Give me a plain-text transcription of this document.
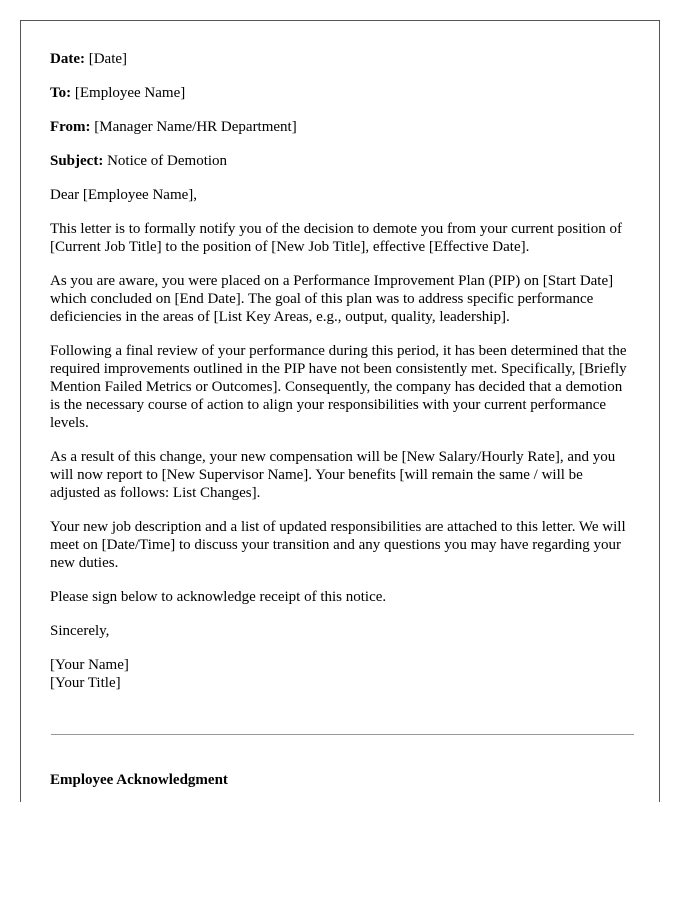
Date: [Date]

To: [Employee Name]

From: [Manager Name/HR Department]

Subject: Notice of Demotion

Dear [Employee Name],

This letter is to formally notify you of the decision to demote you from your current position of [Current Job Title] to the position of [New Job Title], effective [Effective Date].

As you are aware, you were placed on a Performance Improvement Plan (PIP) on [Start Date] which concluded on [End Date]. The goal of this plan was to address specific performance deficiencies in the areas of [List Key Areas, e.g., output, quality, leadership].

Following a final review of your performance during this period, it has been determined that the required improvements outlined in the PIP have not been consistently met. Specifically, [Briefly Mention Failed Metrics or Outcomes]. Consequently, the company has decided that a demotion is the necessary course of action to align your responsibilities with your current performance levels.

As a result of this change, your new compensation will be [New Salary/Hourly Rate], and you will now report to [New Supervisor Name]. Your benefits [will remain the same / will be adjusted as follows: List Changes].

Your new job description and a list of updated responsibilities are attached to this letter. We will meet on [Date/Time] to discuss your transition and any questions you may have regarding your new duties.

Please sign below to acknowledge receipt of this notice.

Sincerely,

[Your Name]
[Your Title]
Employee Acknowledgment
